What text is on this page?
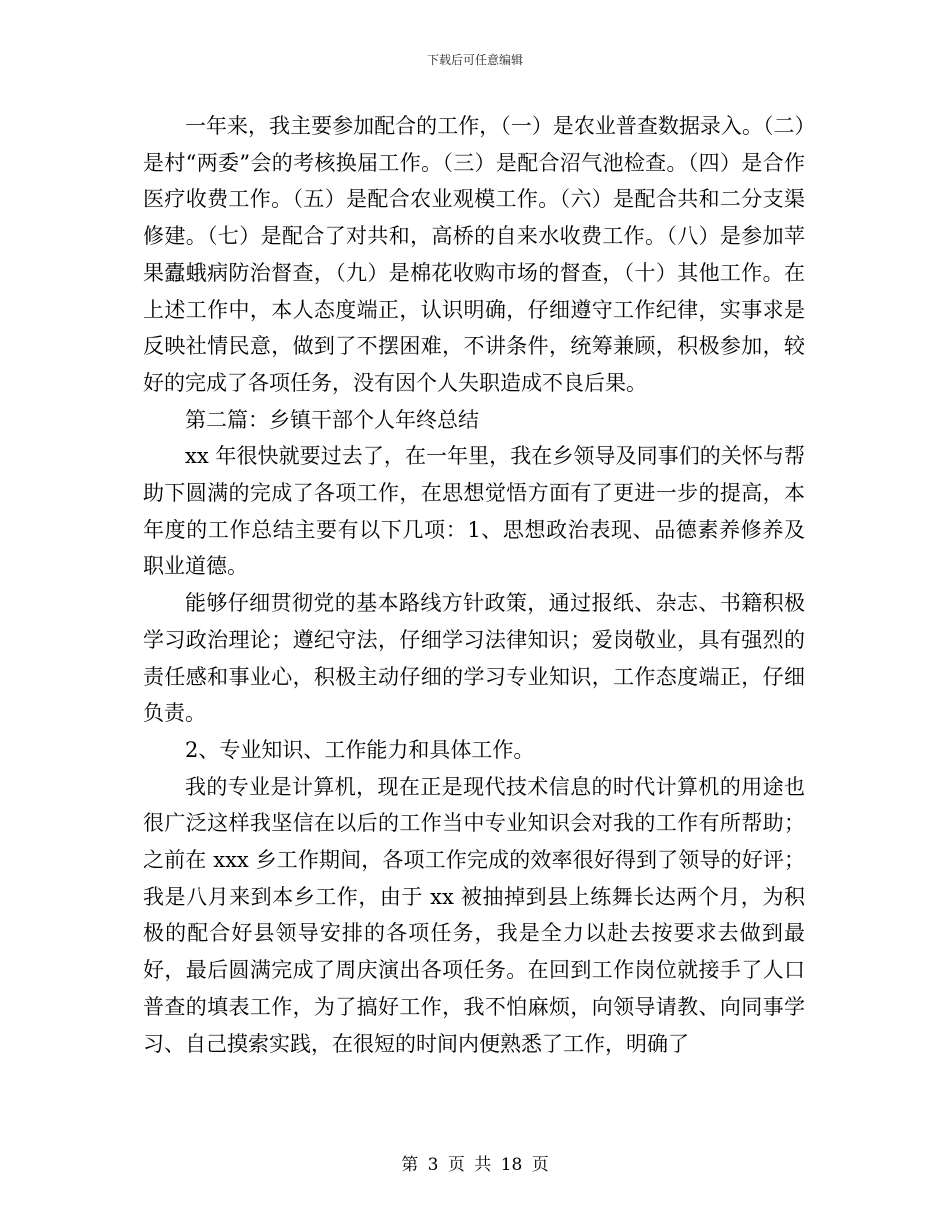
下载后可任意编辑

一年来，我主要参加配合的工作，（一）是农业普查数据录入。（二）是村“两委”会的考核换届工作。（三）是配合沼气池检查。（四）是合作医疗收费工作。（五）是配合农业观模工作。（六）是配合共和二分支渠修建。（七）是配合了对共和，高桥的自来水收费工作。（八）是参加苹果蠹蛾病防治督查，（九）是棉花收购市场的督查，（十）其他工作。在上述工作中，本人态度端正，认识明确，仔细遵守工作纪律，实事求是反映社情民意，做到了不摆困难，不讲条件，统筹兼顾，积极参加，较好的完成了各项任务，没有因个人失职造成不良后果。

第二篇：乡镇干部个人年终总结

xx 年很快就要过去了，在一年里，我在乡领导及同事们的关怀与帮助下圆满的完成了各项工作，在思想觉悟方面有了更进一步的提高，本年度的工作总结主要有以下几项：1、思想政治表现、品德素养修养及职业道德。

能够仔细贯彻党的基本路线方针政策，通过报纸、杂志、书籍积极学习政治理论；遵纪守法，仔细学习法律知识；爱岗敬业，具有强烈的责任感和事业心，积极主动仔细的学习专业知识，工作态度端正，仔细负责。

2、专业知识、工作能力和具体工作。

我的专业是计算机，现在正是现代技术信息的时代计算机的用途也很广泛这样我坚信在以后的工作当中专业知识会对我的工作有所帮助；之前在 xxx 乡工作期间，各项工作完成的效率很好得到了领导的好评；我是八月来到本乡工作，由于 xx 被抽掉到县上练舞长达两个月，为积极的配合好县领导安排的各项任务，我是全力以赴去按要求去做到最好，最后圆满完成了周庆演出各项任务。在回到工作岗位就接手了人口普查的填表工作，为了搞好工作，我不怕麻烦，向领导请教、向同事学习、自己摸索实践，在很短的时间内便熟悉了工作，明确了

第 3 页 共 18 页
